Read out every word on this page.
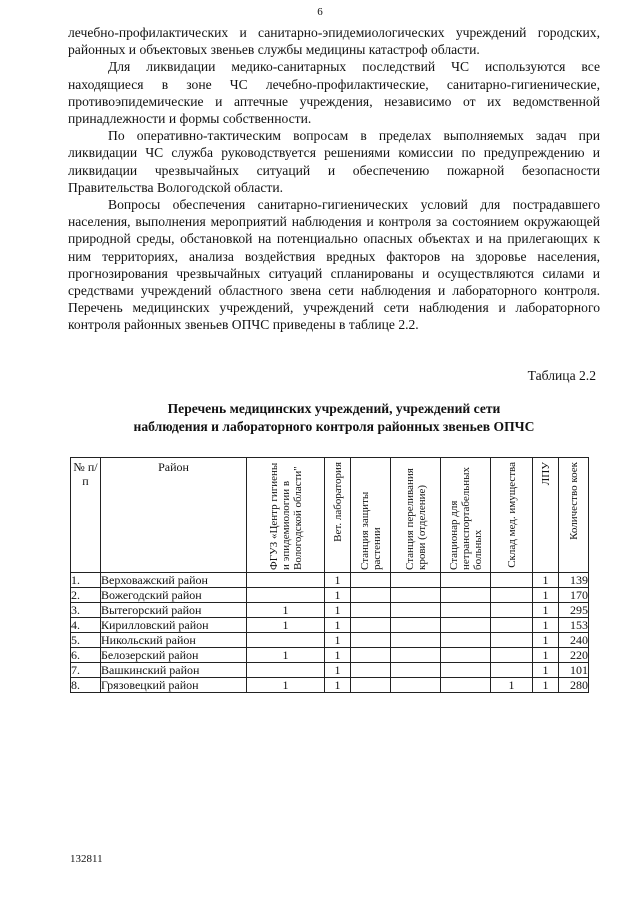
6

лечебно-профилактических и санитарно-эпидемиологических учреждений городских, районных и объектовых звеньев службы медицины катастроф области.

Для ликвидации медико-санитарных последствий ЧС используются все находящиеся в зоне ЧС лечебно-профилактические, санитарно-гигиенические, противоэпидемические и аптечные учреждения, независимо от их ведомственной принадлежности и формы собственности.

По оперативно-тактическим вопросам в пределах выполняемых задач при ликвидации ЧС служба руководствуется решениями комиссии по предупреждению и ликвидации чрезвычайных ситуаций и обеспечению пожарной безопасности Правительства Вологодской области.

Вопросы обеспечения санитарно-гигиенических условий для пострадавшего населения, выполнения мероприятий наблюдения и контроля за состоянием окружающей природной среды, обстановкой на потенциально опасных объектах и на прилегающих к ним территориях, анализа воздействия вредных факторов на здоровье населения, прогнозирования чрезвычайных ситуаций спланированы и осуществляются силами и средствами учреждений областного звена сети наблюдения и лабораторного контроля. Перечень медицинских учреждений, учреждений сети наблюдения и лабораторного контроля районных звеньев ОПЧС приведены в таблице 2.2.

Таблица 2.2
Перечень медицинских учреждений, учреждений сети
наблюдения и лабораторного контроля районных звеньев ОПЧС
№ п/п	Район	ФГУЗ «Центр гигиены и эпидемиологии в Вологодской области"	Вет. лаборатория	Станция защиты растении	Станция переливания крови (отделение)	Стационар для нетранспортабельных больных	Склад мед. имущества	ЛПУ	Количество коек

1.	Верховажский район		1					1	139
2.	Вожегодский район		1					1	170
3.	Вытегорский район	1	1					1	295
4.	Кирилловский район	1	1					1	153
5.	Никольский район		1					1	240
6.	Белозерский район	1	1					1	220
7.	Вашкинский район		1					1	101
8.	Грязовецкий район	1	1				1	1	280
132811
